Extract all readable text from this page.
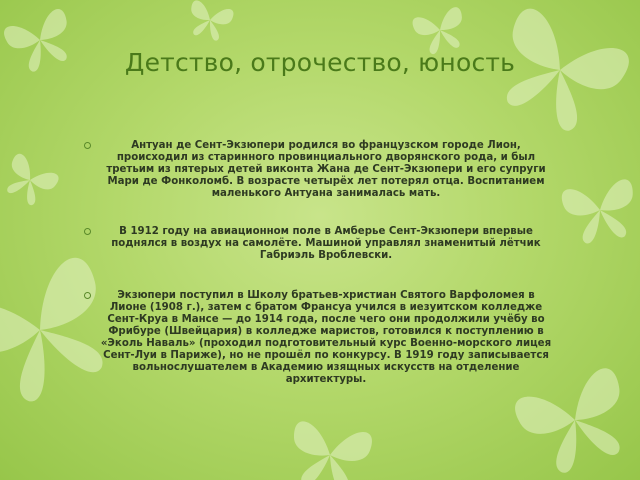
Детство, отрочество, юность

Антуан де Сент-Экзюпери родился во французском городе Лион, происходил из старинного провинциального дворянского рода, и был третьим из пятерых детей виконта Жана де Сент-Экзюпери и его супруги Мари де Фонколомб. В возрасте четырёх лет потерял отца. Воспитанием маленького Антуана занималась мать.

В 1912 году на авиационном поле в Амберье Сент-Экзюпери впервые поднялся в воздух на самолёте. Машиной управлял знаменитый лётчик Габриэль Вроблевски.

Экзюпери поступил в Школу братьев-христиан Святого Варфоломея в Лионе (1908 г.), затем с братом Франсуа учился в иезуитском колледже Сент-Круа в Мансе — до 1914 года, после чего они продолжили учёбу во Фрибуре (Швейцария) в колледже маристов, готовился к поступлению в «Эколь Наваль» (проходил подготовительный курс Военно-морского лицея Сент-Луи в Париже), но не прошёл по конкурсу. В 1919 году записывается вольнослушателем в Академию изящных искусств на отделение архитектуры.
